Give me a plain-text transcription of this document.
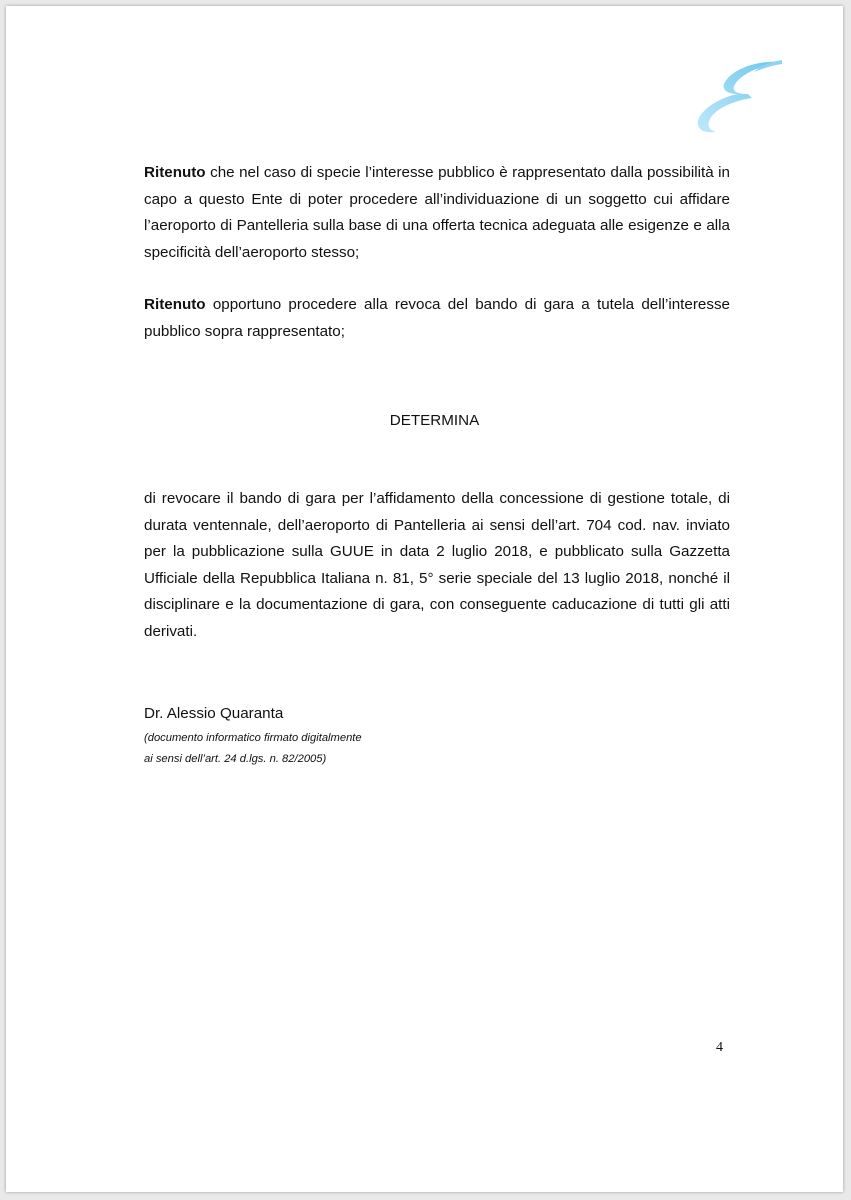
Ritenuto che nel caso di specie l’interesse pubblico è rappresentato dalla possibilità in capo a questo Ente di poter procedere all’individuazione di un soggetto cui affidare l’aeroporto di Pantelleria sulla base di una offerta tecnica adeguata alle esigenze e alla specificità dell’aeroporto stesso;

Ritenuto opportuno procedere alla revoca del bando di gara a tutela dell’interesse pubblico sopra rappresentato;

DETERMINA

di revocare il bando di gara per l’affidamento della concessione di gestione totale, di durata ventennale, dell’aeroporto di Pantelleria ai sensi dell’art. 704 cod. nav. inviato per la pubblicazione sulla GUUE in data 2 luglio 2018, e pubblicato sulla Gazzetta Ufficiale della Repubblica Italiana n. 81, 5° serie speciale del 13 luglio 2018, nonché il disciplinare e la documentazione di gara, con conseguente caducazione di tutti gli atti derivati.

Dr. Alessio Quaranta
(documento informatico firmato digitalmente
ai sensi dell’art. 24 d.lgs. n. 82/2005)
4
